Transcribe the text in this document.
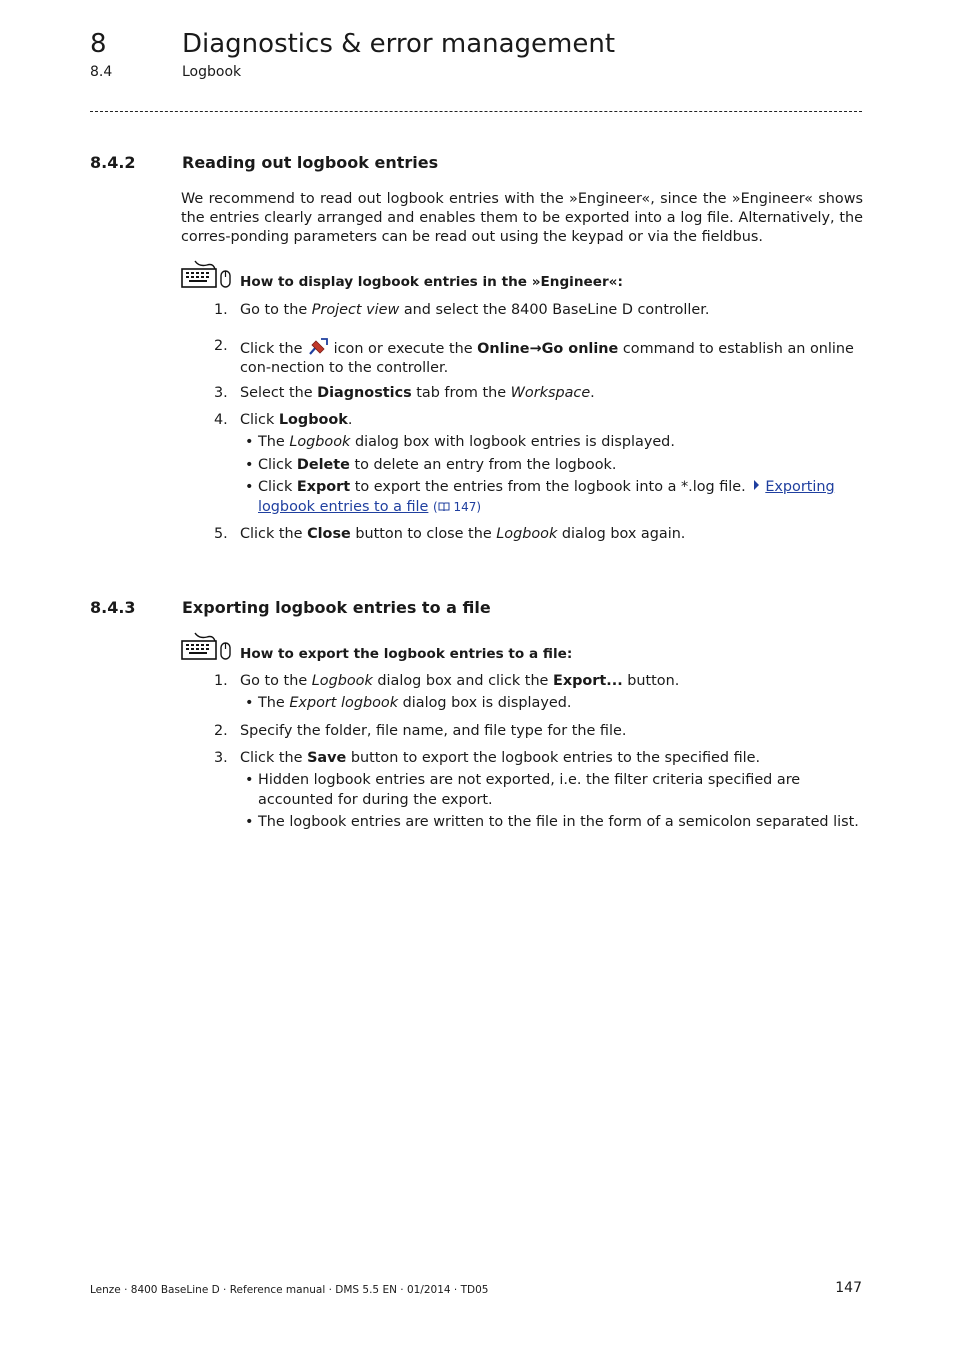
8	Diagnostics & error management
8.4	Logbook
8.4.2	Reading out logbook entries
We recommend to read out logbook entries with the »Engineer«, since the »Engineer« shows the entries clearly arranged and enables them to be exported into a log file. Alternatively, the corres-ponding parameters can be read out using the keypad or via the fieldbus.
How to display logbook entries in the »Engineer«:
1. Go to the Project view and select the 8400 BaseLine D controller.
2. Click the  icon or execute the Online→Go online command to establish an online con-nection to the controller.
3. Select the Diagnostics tab from the Workspace.
4. Click Logbook.
• The Logbook dialog box with logbook entries is displayed.
• Click Delete to delete an entry from the logbook.
• Click Export to export the entries from the logbook into a *.log file. Exporting logbook entries to a file ( 147)
5. Click the Close button to close the Logbook dialog box again.
8.4.3	Exporting logbook entries to a file
How to export the logbook entries to a file:
1. Go to the Logbook dialog box and click the Export... button.
• The Export logbook dialog box is displayed.
2. Specify the folder, file name, and file type for the file.
3. Click the Save button to export the logbook entries to the specified file.
• Hidden logbook entries are not exported, i.e. the filter criteria specified are accounted for during the export.
• The logbook entries are written to the file in the form of a semicolon separated list.
Lenze · 8400 BaseLine D · Reference manual · DMS 5.5 EN · 01/2014 · TD05	147
